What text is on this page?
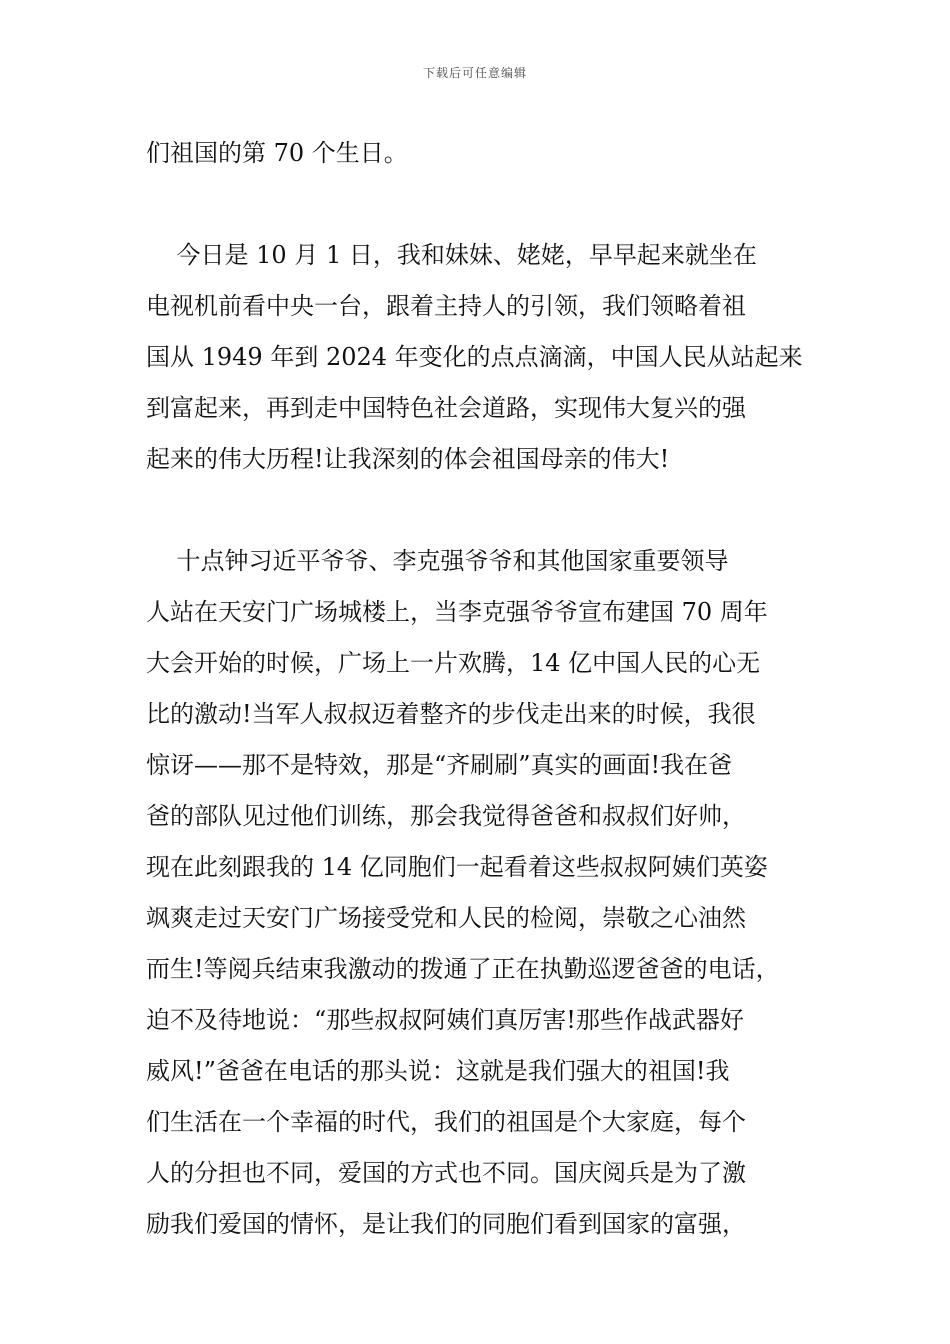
下载后可任意编辑
们祖国的第 70 个生日。
今日是 10 月 1 日，我和妹妹、姥姥，早早起来就坐在
电视机前看中央一台，跟着主持人的引领，我们领略着祖
国从 1949 年到 2024 年变化的点点滴滴，中国人民从站起来
到富起来，再到走中国特色社会道路，实现伟大复兴的强
起来的伟大历程!让我深刻的体会祖国母亲的伟大!
十点钟习近平爷爷、李克强爷爷和其他国家重要领导
人站在天安门广场城楼上，当李克强爷爷宣布建国 70 周年
大会开始的时候，广场上一片欢腾，14 亿中国人民的心无
比的激动!当军人叔叔迈着整齐的步伐走出来的时候，我很
惊讶——那不是特效，那是“齐刷刷”真实的画面!我在爸
爸的部队见过他们训练，那会我觉得爸爸和叔叔们好帅，
现在此刻跟我的 14 亿同胞们一起看着这些叔叔阿姨们英姿
飒爽走过天安门广场接受党和人民的检阅，崇敬之心油然
而生!等阅兵结束我激动的拨通了正在执勤巡逻爸爸的电话，
迫不及待地说：“那些叔叔阿姨们真厉害!那些作战武器好
威风!”爸爸在电话的那头说：这就是我们强大的祖国!我
们生活在一个幸福的时代，我们的祖国是个大家庭，每个
人的分担也不同，爱国的方式也不同。国庆阅兵是为了激
励我们爱国的情怀，是让我们的同胞们看到国家的富强，
